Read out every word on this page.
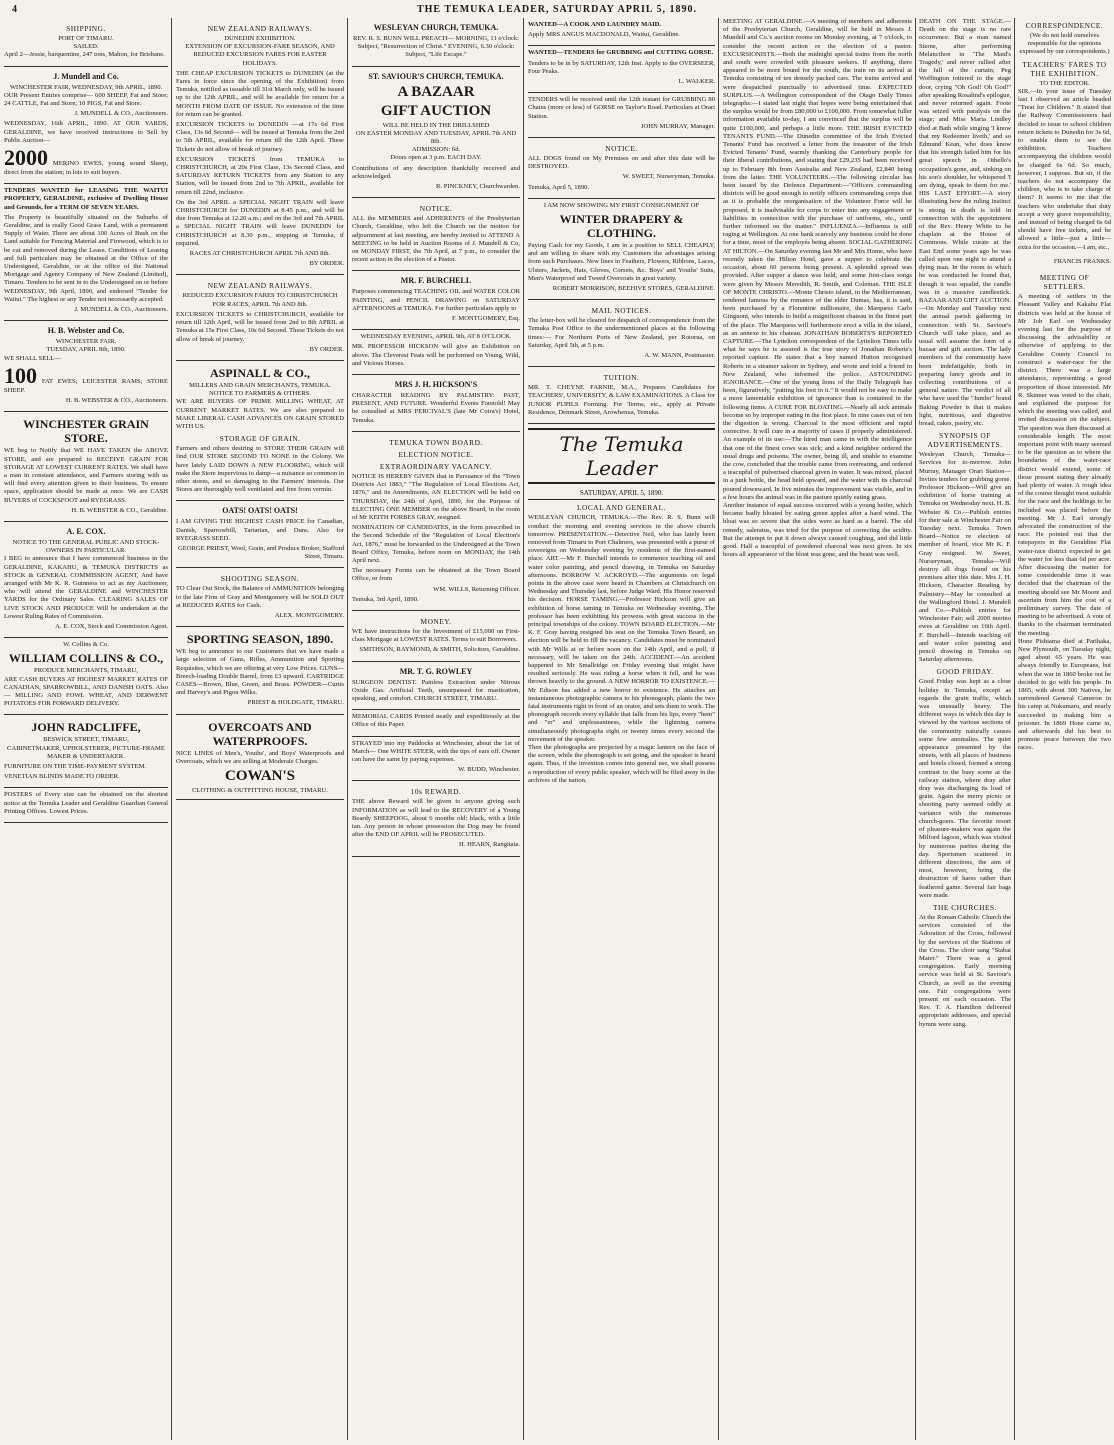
4	THE TEMUKA LEADER, SATURDAY APRIL 5, 1890.
SHIPPING.
PORT OF TIMARU.
SAILED.

April 2—Jessie, barquentine, 247 tons, Mahon, for Brisbane.

J. Mundell and Co.
WINCHESTER FAIR, WEDNESDAY, 9th APRIL, 1890.

OUR Present Entries comprise— 600 SHEEP, Fat and Store; 24 CATTLE, Fat and Store; 10 PIGS, Fat and Store.

J. MUNDELL & CO., Auctioneers.

WEDNESDAY, 16th APRIL, 1890. AT OUR YARDS, GERALDINE, we have received instructions to Sell by Public Auction—

2000 MERINO EWES, young sound Sheep, direct from the station; in lots to suit buyers.

TENDERS WANTED for LEASING THE WAITUI PROPERTY, GERALDINE, exclusive of Dwelling House and Grounds, for a TERM OF SEVEN YEARS.

The Property is beautifully situated on the Suburbs of Geraldine, and is really Good Grass Land, with a permanent Supply of Water. There are about 100 Acres of Bush on the Land suitable for Fencing Material and Firewood, which is to be cut and removed during the Lease. Conditions of Leasing and full particulars may be obtained at the Office of the Undersigned, Geraldine, or at the office of the National Mortgage and Agency Company of New Zealand (Limited), Timaru. Tenders to be sent in to the Undersigned on or before WEDNESDAY, 9th April, 1890, and endorsed "Tender for Waitui." The highest or any Tender not necessarily accepted.

J. MUNDELL & CO., Auctioneers.

H. B. Webster and Co.
WINCHESTER FAIR.
TUESDAY, APRIL 8th, 1890.

WE SHALL SELL—

100 FAT EWES; LEICESTER RAMS; STORE SHEEP.

H. B. WEBSTER & CO., Auctioneers.

WINCHESTER GRAIN STORE.

WE beg to Notify that WE HAVE TAKEN the ABOVE STORE, and are prepared to RECEIVE GRAIN FOR STORAGE AT LOWEST CURRENT RATES. We shall have a man in constant attendance, and Farmers storing with us will find every attention given to their business. To ensure space, application should be made at once. We are CASH BUYERS of COCKSFOOT and RYEGRASS.

H. B. WEBSTER & CO., Geraldine.

A. E. COX.
NOTICE TO THE GENERAL PUBLIC AND STOCK-OWNERS IN PARTICULAR.

I BEG to announce that I have commenced business in the GERALDINE, KAKAHU, & TEMUKA DISTRICTS as STOCK & GENERAL COMMISSION AGENT, And have arranged with Mr K. R. Guinness to act as my Auctioneer, who will attend the GERALDINE and WINCHESTER YARDS for the Ordinary Sales. CLEARING SALES OF LIVE STOCK AND PRODUCE Will be undertaken at the Lowest Ruling Rates of Commission.

A. E. COX, Stock and Commission Agent.

W. Collins & Co.
WILLIAM COLLINS & CO.,
PRODUCE MERCHANTS, TIMARU,

ARE CASH BUYERS AT HIGHEST MARKET RATES OF CANADIAN, SPARROWBILL, AND DANISH OATS. Also— MILLING AND FOWL WHEAT, AND DERWENT POTATOES FOR FORWARD DELIVERY.

JOHN RADCLIFFE,
BESWICK STREET, TIMARU,

CABINETMAKER, UPHOLSTERER, PICTURE-FRAME MAKER & UNDERTAKER.

FURNITURE ON THE TIME-PAYMENT SYSTEM.

VENETIAN BLINDS MADE TO ORDER.

POSTERS of Every size can be obtained on the shortest notice at the Temuka Leader and Geraldine Guardian General Printing Offices. Lowest Prices.

NEW ZEALAND RAILWAYS.
DUNEDIN EXHIBITION.

EXTENSION OF EXCURSION-FARE SEASON, AND REDUCED EXCURSION FARES FOR EASTER HOLIDAYS.

THE CHEAP EXCURSION TICKETS to DUNEDIN (at the Fares in force since the opening of the Exhibition) from Temuka, notified as issuable till 31st March only, will be issued up to the 12th APRIL, and will be available for return for a MONTH FROM DATE OF ISSUE. No extension of the time for return can be granted.

EXCURSION TICKETS to DUNEDIN —at 17s 6d First Class, 13s 6d Second— will be issued at Temuka from the 2nd to 5th APRIL, available for return till the 12th April. These Tickets do not allow of break of journey.

EXCURSION TICKETS from TEMUKA to CHRISTCHURCH, at 20s First Class, 13s Second Class, and SATURDAY RETURN TICKETS from any Station to any Station, will be issued from 2nd to 7th APRIL, available for return till 22nd, inclusive.

On the 3rd APRIL a SPECIAL NIGHT TRAIN will leave CHRISTCHURCH for DUNEDIN at 8.45 p.m., and will be due from Temuka at 12.20 a.m.; and on the 3rd and 7th APRIL a SPECIAL NIGHT TRAIN will leave DUNEDIN for CHRISTCHURCH at 8.30 p.m., stopping at Temuka, if required.

RACES AT CHRISTCHURCH APRIL 7th AND 8th.

BY ORDER.

NEW ZEALAND RAILWAYS.

REDUCED EXCURSION FARES TO CHRISTCHURCH FOR RACES, APRIL 7th AND 8th.

EXCURSION TICKETS to CHRISTCHURCH, available for return till 12th April, will be issued from 2nd to 8th APRIL at Temuka at 15s First Class, 10s 6d Second. These Tickets do not allow of break of journey.

BY ORDER.

ASPINALL & CO.,
MILLERS AND GRAIN MERCHANTS, TEMUKA.
NOTICE TO FARMERS & OTHERS.

WE ARE BUYERS OF PRIME MILLING WHEAT, AT CURRENT MARKET RATES. We are also prepared to MAKE LIBERAL CASH ADVANCES ON GRAIN STORED WITH US.

STORAGE OF GRAIN.

Farmers and others desiring to STORE THEIR GRAIN will find OUR STORE SECOND TO NONE in the Colony. We have lately LAID DOWN A NEW FLOORING, which will make the Store impervious to damp—a nuisance so common in other stores, and so damaging to the Farmers' interests. Our Stores are thoroughly well ventilated and free from vermin.

OATS! OATS! OATS!

I AM GIVING THE HIGHEST CASH PRICE for Canadian, Danish, Sparrowbill, Tartarian, and Duns. Also for RYEGRASS SEED.

GEORGE PRIEST, Wool, Grain, and Produce Broker, Stafford Street, Timaru.

SHOOTING SEASON.

TO Clear Out Stock, the Balance of AMMUNITION belonging to the late Firm of Gray and Montgomery will be SOLD OUT at REDUCED RATES for Cash.

ALEX. MONTGOMERY.

SPORTING SEASON, 1890.

WE beg to announce to our Customers that we have made a large selection of Guns, Rifles, Ammunition and Sporting Requisites, which we are offering at very Low Prices. GUNS—Breech-loading Double Barrel, from £3 upward. CARTRIDGE CASES—Brown, Blue, Green, and Brass. POWDER—Curtis and Harvey's and Pigou Wilks.

PRIEST & HOLDGATE, TIMARU.

OVERCOATS AND WATERPROOFS.

NICE LINES of Men's, Youths', and Boys' Waterproofs and Overcoats, which we are selling at Moderate Charges.

COWAN'S
CLOTHING & OUTFITTING HOUSE, TIMARU.
WESLEYAN CHURCH, TEMUKA.

REV. R. S. BUNN WILL PREACH— MORNING, 11 o'clock: Subject, "Resurrection of Christ." EVENING, 6.30 o'clock: Subject, "Life Escape."

ST. SAVIOUR'S CHURCH, TEMUKA.
A BAZAAR
GIFT AUCTION
WILL BE HELD IN THE DRILLSHED
ON EASTER MONDAY AND TUESDAY, APRIL 7th AND 8th.
ADMISSION: 6d.

Doors open at 3 p.m. EACH DAY.

Contributions of any description thankfully received and acknowledged.

R. PINCKNEY, Churchwarden.

NOTICE.

ALL the MEMBERS and ADHERENTS of the Presbyterian Church, Geraldine, who left the Church on the motion for adjournment at last meeting, are hereby invited to ATTEND A MEETING to be held in Auction Rooms of J. Mundell & Co, on MONDAY FIRST, the 7th April, at 7 p.m., to consider the recent action in the election of a Pastor.

MR. F. BURCHELL

Purposes commencing TEACHING OIL and WATER COLOR PAINTING, and PENCIL DRAWING on SATURDAY AFTERNOONS at TEMUKA. For further particulars apply to

F. MONTGOMERY, Esq.

WEDNESDAY EVENING, APRIL 9th, AT 8 O'CLOCK.

MR. PROFESSOR HICKSON will give an Exhibition on above. The Cleverest Feats will be performed on Young, Wild, and Vicious Horses.

MRS J. H. HICKSON'S

CHARACTER READING BY PALMISTRY: PAST, PRESENT, AND FUTURE. Wonderful Events Foretold! May be consulted at MRS PERCIVAL'S (late Mr Coira's) Hotel, Temuka.

TEMUKA TOWN BOARD.
ELECTION NOTICE.
EXTRAORDINARY VACANCY.

NOTICE IS HEREBY GIVEN that in Pursuance of the "Town Districts Act 1883," "The Regulation of Local Elections Act, 1876," and its Amendments, AN ELECTION will be held on THURSDAY, the 24th of April, 1890, for the Purpose of ELECTING ONE MEMBER on the above Board, in the room of Mr KEITH FORBES GRAY, resigned.

NOMINATION OF CANDIDATES, in the form prescribed in the Second Schedule of the "Regulation of Local Election's Act, 1876," must be forwarded to the Undersigned at the Town Board Office, Temuka, before noon on MONDAY, the 14th April next.

The necessary Forms can be obtained at the Town Board Office, or from

WM. WILLS, Returning Officer.

Temuka, 3rd April, 1890.

MONEY.

WE have instructions for the Investment of £15,000 on First-class Mortgage at LOWEST RATES. Terms to suit Borrowers.

SMITHSON, RAYMOND, & SMITH, Solicitors, Geraldine.

MR. T. G. ROWLEY

SURGEON DENTIST. Painless Extraction under Nitrous Oxide Gas. Artificial Teeth, unsurpassed for mastication, speaking, and comfort. CHURCH STREET, TIMARU.

MEMORIAL CARDS Printed neatly and expeditiously at the Office of this Paper.

STRAYED into my Paddocks at Winchester, about the 1st of March— One WHITE STEER, with the tips of ears off. Owner can have the same by paying expenses.

W. BUDD, Winchester.

10s REWARD.

THE above Reward will be given to anyone giving such INFORMATION as will lead to the RECOVERY of a Young Beardy SHEEPDOG, about 6 months old; black, with a little tan. Any person in whose possession the Dog may be found after the END OF APRIL will be PROSECUTED.

H. HEARN, Rangitata.

WANTED—A COOK AND LAUNDRY MAID.

Apply MRS ANGUS MACDONALD, Waitui, Geraldine.

WANTED—TENDERS for GRUBBING and CUTTING GORSE.

Tenders to be in by SATURDAY, 12th Inst. Apply to the OVERSEER, Four Peaks.

L. WALKER.

TENDERS will be received until the 12th instant for GRUBBING 80 Chains (more or less) of GORSE on Taylor's Road. Particulars at Orari Station.

JOHN MURRAY, Manager.

NOTICE.

ALL DOGS found on My Premises on and after this date will be DESTROYED.

W. SWEET, Nurseryman, Temuka.

Temuka, April 5, 1890.

I AM NOW SHOWING MY FIRST CONSIGNMENT OF

WINTER DRAPERY & CLOTHING.

Paying Cash for my Goods, I am in a position to SELL CHEAPLY, and am willing to share with my Customers the advantages arising from such Purchases. New lines in Feathers, Flowers, Ribbons, Laces, Ulsters, Jackets, Hats, Gloves, Corsets, &c. Boys' and Youths' Suits, Men's Waterproof and Tweed Overcoats in great variety.

ROBERT MORRISON, BEEHIVE STORES, GERALDINE.

MAIL NOTICES.

The letter-box will be cleared for despatch of correspondence from the Temuka Post Office to the undermentioned places at the following times:— For Northern Ports of New Zealand, per Rotorua, on Saturday, April 5th, at 5 p.m.

A. W. MANN, Postmaster.

TUITION.

MR. T. CHEYNE FARNIE, M.A., Prepares Candidates for TEACHERS', UNIVERSITY, & LAW EXAMINATIONS. A Class for JUNIOR PUPILS Forming. For Terms, etc., apply at Private Residence, Denmark Street, Arowhenua, Temuka.

The Temuka Leader
SATURDAY, APRIL 5, 1890.
LOCAL AND GENERAL.

WESLEYAN CHURCH, TEMUKA.—The Rev. R. S. Bunn will conduct the morning and evening services in the above church tomorrow. PRESENTATION.—Detective Neil, who has lately been removed from Timaru to Port Chalmers, was presented with a purse of sovereigns on Wednesday evening by residents of the first-named place. ART.—Mr F. Burchell intends to commence teaching oil and water color painting, and pencil drawing, in Temuka on Saturday afternoons. BORROW V. ACKROYD.—The arguments on legal points in the above case were heard in Chambers at Christchurch on Wednesday and Thursday last, before Judge Ward. His Honor reserved his decision. HORSE TAMING.—Professor Hickson will give an exhibition of horse taming in Temuka on Wednesday evening. The professor has been exhibiting his prowess with great success in the principal townships of the colony. TOWN BOARD ELECTION.—Mr K. F. Gray having resigned his seat on the Temuka Town Board, an election will be held to fill the vacancy. Candidates must be nominated with Mr Wills at or before noon on the 14th April, and a poll, if necessary, will be taken on the 24th. ACCIDENT.—An accident happened to Mr Smallridge on Friday evening that might have resulted seriously. He was riding a horse when it fell, and he was thrown heavily to the ground. A NEW HORROR TO EXISTENCE.—Mr Edison has added a new horror to existence. He attaches an instantaneous photographic camera to his phonograph, plants the two fatal instruments right in front of an orator, and sets them to work. The phonograph records every syllable that falls from his lips, every "hem" and "er" and unpleasantness, while the lightning camera simultaneously photographs eight or twenty times every second the movement of the speaker.

Then the photographs are projected by a magic lantern on the face of the screen, while the phonograph is set going, and the speaker is heard again. Thus, if the invention comes into general use, we shall possess a reproduction of every public speaker, which will be filed away in the archives of the nation.

MEETING AT GERALDINE.—A meeting of members and adherents of the Presbyterian Church, Geraldine, will be held in Messrs J. Mundell and Co.'s auction rooms on Monday evening, at 7 o'clock, to consider the recent action re the election of a pastor. EXCURSIONISTS.—Both the midnight special trains from the north and south were crowded with pleasure seekers. If anything, there appeared to be more bound for the south, the train on its arrival at Temuka consisting of ten densely packed cars. The trains arrived and were despatched punctually to advertised time. EXPECTED SURPLUS.—A Wellington correspondent of the Otago Daily Times telegraphs:—I stated last night that hopes were being entertained that the surplus would be from £80,000 to £100,000. From somewhat fuller information available to-day, I am convinced that the surplus will be quite £100,000, and perhaps a little more. THE IRISH EVICTED TENANTS FUND.—The Dunedin committee of the Irish Evicted Tenants' Fund has received a letter from the treasurer of the Irish Evicted Tenants' Fund, warmly thanking the Canterbury people for their liberal contributions, and stating that £29,235 had been received up to February 8th from Australia and New Zealand, £2,840 being from the latter. THE VOLUNTEERS.—The following circular has been issued by the Defence Department:—"Officers commanding districts will be good enough to notify officers commanding corps that as it is probable the reorganisation of the Volunteer Force will be proposed, it is inadvisable for corps to enter into any engagement or liabilities in connection with the purchase of uniforms, etc., until further informed on the matter." INFLUENZA.—Influenza is still raging at Wellington. At one bank scarcely any business could be done for a time, most of the employés being absent. SOCIAL GATHERING AT HILTON.—On Saturday evening last Mr and Mrs Home, who have recently taken the Hilton Hotel, gave a supper to celebrate the occasion, about 60 persons being present. A splendid spread was provided. After supper a dance was held, and some first-class songs were given by Messrs Meredith, R. Smith, and Coleman. THE ISLE OF MONTE CHRISTO.—Monte Christo island, in the Mediterranean, rendered famous by the romance of the elder Dumas, has, it is said, been purchased by a Florentine millionaire, the Marquess Carlo Ginguoni, who intends to build a magnificent chateau in the finest part of the place. The Marquess will furthermore erect a villa in the island, as an annexe to his chateau. JONATHAN ROBERTS'S REPORTED CAPTURE.—The Lyttelton correspondent of the Lyttelton Times tells what he says he is assured is the true story of Jonathan Roberts's reported capture. He states that a boy named Hutton recognised Roberts in a steamer saloon in Sydney, and wrote and told a friend in New Zealand, who informed the police. ASTOUNDING IGNORANCE.—One of the young lions of the Daily Telegraph has been, figuratively, "putting his foot in it." It would not be easy to make a more lamentable exhibition of ignorance than is contained in the following items. A CURE FOR BLOATING.—Nearly all sick animals become so by improper eating in the first place. In nine cases out of ten the digestion is wrong. Charcoal is the most efficient and rapid corrective. It will cure in a majority of cases if properly administered. An example of its use:—The hired man came in with the intelligence that one of the finest cows was sick; and a kind neighbor ordered the usual drugs and poisons. The owner, being ill, and unable to examine the cow, concluded that the trouble came from overeating, and ordered a teacupful of pulverised charcoal given in water. It was mixed, placed in a junk bottle, the head held upward, and the water with its charcoal poured downward. In five minutes the improvement was visible, and in a few hours the animal was in the pasture quietly eating grass.

Another instance of equal success occurred with a young heifer, which became badly bloated by eating green apples after a hard wind. The bloat was so severe that the sides were as hard as a barrel. The old remedy, saleratus, was tried for the purpose of correcting the acidity. But the attempt to put it down always caused coughing, and did little good. Half a teacupful of powdered charcoal was next given. In six hours all appearance of the bloat was gone, and the beast was well.

DEATH ON THE STAGE.—Death on the stage is no rare occurrence. But a man named Sterne, after performing Melancthon in 'The Maid's Tragedy,' and never rallied after the fall of the curtain; Peg Woffington tottered to the stage door, crying "Oh God! Oh God!" after speaking Rosalind's epilogue, and never returned again. Foote was seized with paralysis on the stage; and Miss Maria Lindley died at Bath while singing 'I know that my Redeemer liveth,' and so Edmund Kean, who does know that his strength failed him for his great speech in Othello's occupation's gone, and, sinking on his son's shoulder, he whispered 'I am dying, speak to them for me.' HIS LAST EFFORT.—A story illustrating how the ruling instinct is strong in death is told in connection with the appointment of the Rev. Henry White to be chaplain at the House of Commons. While curate at the East End some years ago he was called upon one night to attend a dying man. In the room to which he was conducted he found that, though it was squalid, the candle was in a massive candlestick. BAZAAR AND GIFT AUCTION.—On Monday and Tuesday next the annual parish gathering in connection with St. Saviour's Church will take place, and as usual will assume the form of a bazaar and gift auction. The lady members of the community have been indefatigable, both in preparing fancy goods and in collecting contributions of a general nature. The verdict of all who have used the "Jumbo" brand Baking Powder is that it makes light, nutritious, and digestive bread, cakes, pastry, etc.

SYNOPSIS OF ADVERTISEMENTS.

Wesleyan Church, Temuka—Services for to-morrow. John Murray, Manager Orari Station—Invites tenders for grubbing gorse. Professor Hickson—Will give an exhibition of horse training at Temuka on Wednesday next. H. B. Webster & Co.—Publish entries for their sale at Winchester Fair on Tuesday next. Temuka Town Board—Notice re election of member of board, vice Mr K. F. Gray resigned. W. Sweet, Nurseryman, Temuka—Will destroy all dogs found on his premises after this date. Mrs J. H. Hickson, Character Reading by Palmistry—May be consulted at the Wallingford Hotel. J. Mundell and Co.—Publish entries for Winchester Fair; sell 2000 merino ewes at Geraldine on 16th April. F. Burchell—Intends teaching oil and water color painting and pencil drawing in Temuka on Saturday afternoons.

GOOD FRIDAY.

Good Friday was kept as a close holiday in Temuka, except as regards the grain traffic, which was unusually heavy. The different ways in which this day is viewed by the various sections of the community naturally causes some few anomalies. The quiet appearance presented by the streets, with all places of business and hotels closed, formed a strong contrast to the busy scene at the railway station, where dray after dray was discharging its load of grain. Again the merry picnic or shooting party seemed oddly at variance with the numerous church-goers. The favorite resort of pleasure-makers was again the Milford lagoon, which was visited by numerous parties during the day. Sportsmen scattered in different directions, the aim of most, however, being the destruction of hares rather than feathered game. Several fair bags were made.

THE CHURCHES.

At the Roman Catholic Church the services consisted of the Adoration of the Cross, followed by the services of the Stations of the Cross. The choir sang "Stabat Mater." There was a good congregation. Early morning service was held at St. Saviour's Church, as well as the evening one. Fair congregations were present on each occasion. The Rev. T. A. Hamilton delivered appropriate addresses, and special hymns were sung.

CORRESPONDENCE.

(We do not hold ourselves responsible for the opinions expressed by our correspondents.)

TEACHERS' FARES TO THE EXHIBITION.
TO THE EDITOR.

SIR,—In your issue of Tuesday last I observed an article headed "Treat for Children." It stated that the Railway Commissioners had decided to issue to school children return tickets to Dunedin for 3s 6d, to enable them to see the exhibition. Teachers accompanying the children would be charged 6s 6d. So much, however, I suppose. But sir, if the teachers do not accompany the children, who is to take charge of them? It seems to me that the teachers who undertake that duty accept a very grave responsibility, and instead of being charged 6s 6d should have free tickets, and be allowed a little—just a little—extra for the occasion.—I am, etc.,

FRANCIS FRANKS.

MEETING OF SETTLERS.

A meeting of settlers in the Pleasant Valley and Kakahu Flat districts was held at the house of Mr Job Earl on Wednesday evening last for the purpose of discussing the advisability or otherwise of applying to the Geraldine County Council to construct a water-race for the district. There was a large attendance, representing a good proportion of those interested. Mr R. Skinner was voted to the chair, and explained the purpose for which the meeting was called, and invited discussion on the subject. The question was then discussed at considerable length. The most important point with many seemed to be the question as to where the boundaries of the water-race district would extend, some of those present stating they already had plenty of water. A rough idea of the course thought most suitable for the race and the holdings to be included was placed before the meeting. Mr J. Earl strongly advocated the construction of the race. He pointed out that the ratepayers in the Geraldine Flat water-race district expected to get the water for less than 6d per acre. After discussing the matter for some considerable time it was decided that the chairman of the meeting should see Mr Moore and ascertain from him the cost of a preliminary survey. The date of meeting to be advertised. A vote of thanks to the chairman terminated the meeting.

Hone Pishiama died at Parihaka, New Plymouth, on Tuesday night, aged about 65 years. He was always friendly to Europeans, but when the war in 1860 broke out he decided to go with his people. In 1865, with about 300 Natives, he surrendered General Cameron in his camp at Nukumaru, and nearly succeeded in making him a prisoner. In 1869 Hone came in, and afterwards did his best to promote peace between the two races.
